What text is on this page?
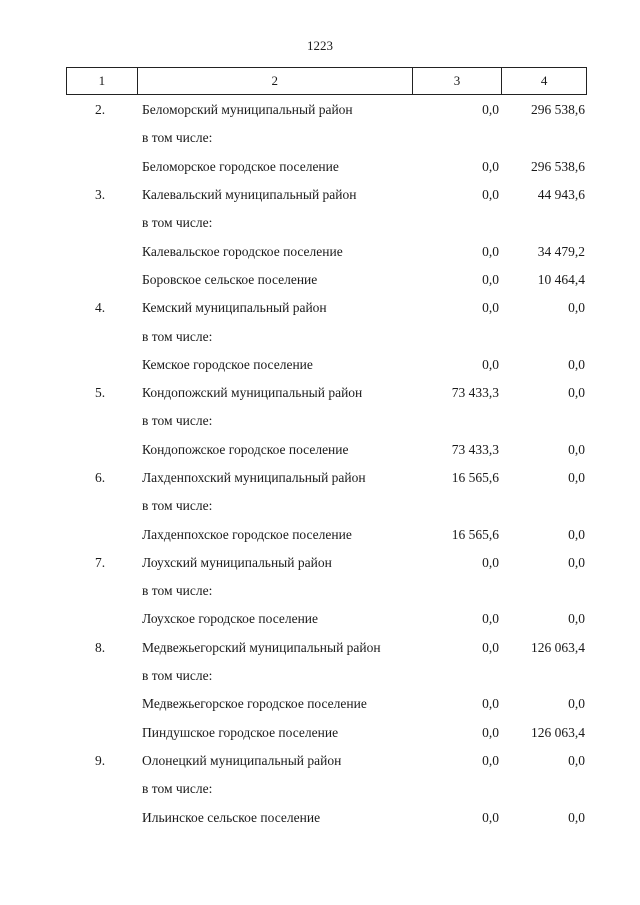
1223
1	2	3	4
2.	Беломорский муниципальный район	0,0	296 538,6
в том числе:
Беломорское городское поселение	0,0	296 538,6
3.	Калевальский муниципальный район	0,0	44 943,6
в том числе:
Калевальское городское поселение	0,0	34 479,2
Боровское сельское поселение	0,0	10 464,4
4.	Кемский муниципальный район	0,0	0,0
в том числе:
Кемское городское поселение	0,0	0,0
5.	Кондопожский муниципальный район	73 433,3	0,0
в том числе:
Кондопожское городское поселение	73 433,3	0,0
6.	Лахденпохский муниципальный район	16 565,6	0,0
в том числе:
Лахденпохское городское поселение	16 565,6	0,0
7.	Лоухский муниципальный район	0,0	0,0
в том числе:
Лоухское городское поселение	0,0	0,0
8.	Медвежьегорский муниципальный район	0,0	126 063,4
в том числе:
Медвежьегорское городское поселение	0,0	0,0
Пиндушское городское поселение	0,0	126 063,4
9.	Олонецкий муниципальный район	0,0	0,0
в том числе:
Ильинское сельское поселение	0,0	0,0
